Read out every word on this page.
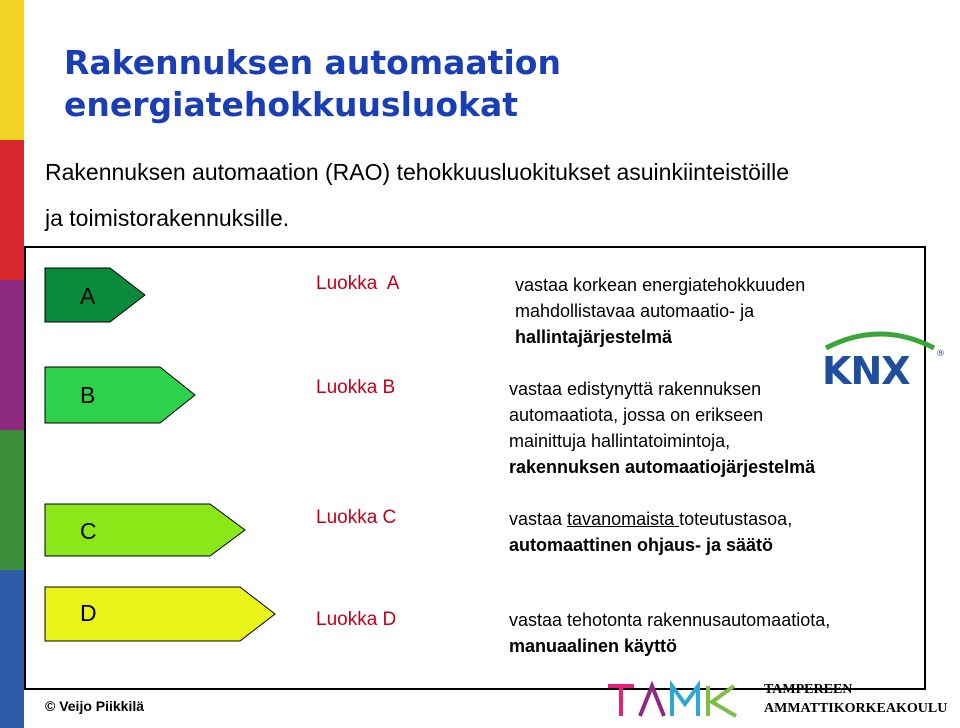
Rakennuksen automaation
energiatehokkuusluokat
Rakennuksen automaation (RAO) tehokkuusluokitukset asuinkiinteistöille
ja toimistorakennuksille.
A
B
C
D
Luokka  A
Luokka B
Luokka C
Luokka D
vastaa korkean energiatehokkuuden
mahdollistavaa automaatio- ja
hallintajärjestelmä
vastaa edistynyttä rakennuksen
automaatiota, jossa on erikseen
mainittuja hallintatoimintoja,
rakennuksen automaatiojärjestelmä
vastaa tavanomaista toteutustasoa,
automaattinen ohjaus- ja säätö
vastaa tehotonta rakennusautomaatiota,
manuaalinen käyttö
KNX	®
© Veijo Piikkilä
TAMK
TAMPEREEN
AMMATTIKORKEAKOULU
